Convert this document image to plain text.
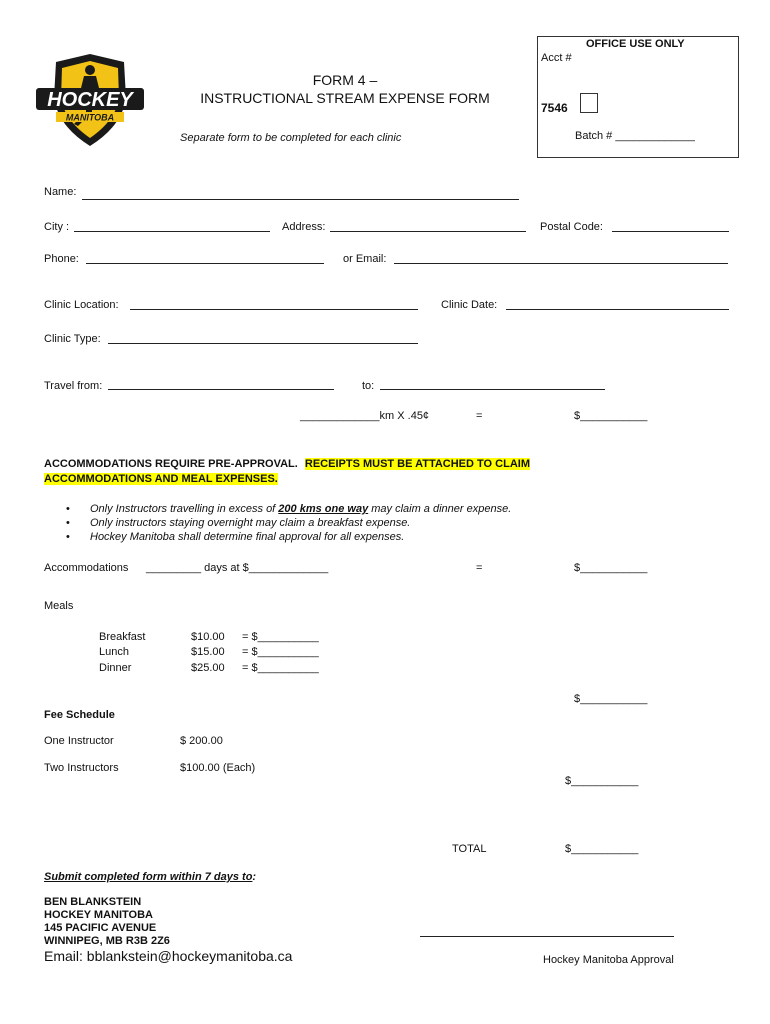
HOCKEY
MANITOBA
FORM 4 –
INSTRUCTIONAL STREAM EXPENSE FORM
Separate form to be completed for each clinic
OFFICE USE ONLY
Acct #
7546
Batch # _____________
Name:
City :	Address:	Postal Code:
Phone:	or Email:
Clinic Location:	Clinic Date:
Clinic Type:
Travel from:	to:
_____________km X .45¢	=	$___________
ACCOMMODATIONS REQUIRE PRE-APPROVAL. RECEIPTS MUST BE ATTACHED TO CLAIM
ACCOMMODATIONS AND MEAL EXPENSES.
• Only Instructors travelling in excess of 200 kms one way may claim a dinner expense.
• Only instructors staying overnight may claim a breakfast expense.
• Hockey Manitoba shall determine final approval for all expenses.
Accommodations _________ days at $_____________	=	$___________
Meals
Breakfast	$10.00 = $__________
Lunch	$15.00 = $__________
Dinner	$25.00 = $__________
$___________
Fee Schedule
One Instructor	$ 200.00
Two Instructors	$100.00 (Each)
$___________
TOTAL	$___________
Submit completed form within 7 days to:
BEN BLANKSTEIN
HOCKEY MANITOBA
145 PACIFIC AVENUE
WINNIPEG, MB R3B 2Z6
Email: bblankstein@hockeymanitoba.ca	Hockey Manitoba Approval
